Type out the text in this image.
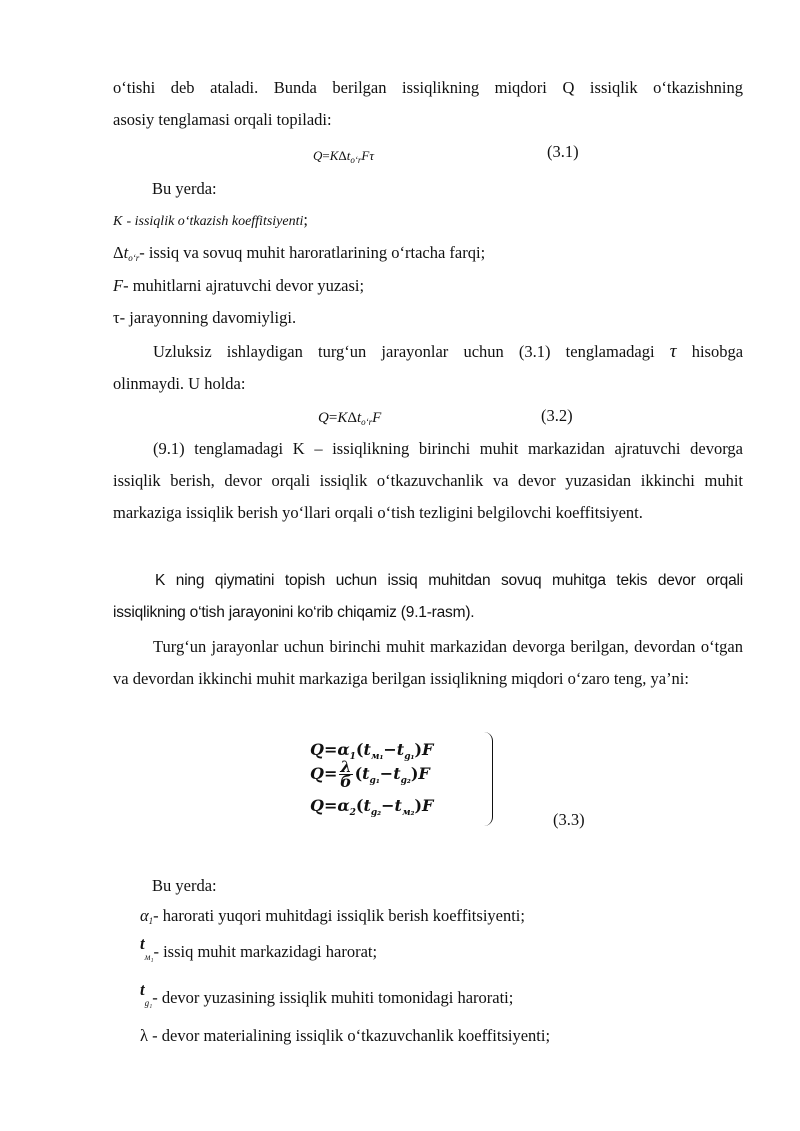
o‘tishi deb ataladi. Bunda berilgan issiqlikning miqdori Q issiqlik o‘tkazishning
asosiy tenglamasi orqali topiladi:
Q=KΔt$_{o‘r}$Fτ	(3.1)
Bu yerda:
K - issiqlik o‘tkazish koeffitsiyenti;
$\Delta t_{o‘r}-$ issiq va sovuq muhit haroratlarining o‘rtacha farqi;
F- muhitlarni ajratuvchi devor yuzasi;
τ- jarayonning davomiyligi.
Uzluksiz ishlaydigan turg‘un jarayonlar uchun (3.1) tenglamadagi τ hisobga
olinmaydi. U holda:
Q=KΔt$_{o‘r}$F	(3.2)
(9.1) tenglamadagi K – issiqlikning birinchi muhit markazidan ajratuvchi devorga issiqlik berish, devor orqali issiqlik o‘tkazuvchanlik va devor yuzasidan ikkinchi muhit markaziga issiqlik berish yo‘llari orqali o‘tish tezligini belgilovchi koeffitsiyent.
K ning qiymatini topish uchun issiq muhitdan sovuq muhitga tekis devor orqali issiqlikning o‘tish jarayonini ko‘rib chiqamiz (9.1-rasm).
Turg‘un jarayonlar uchun birinchi muhit markazidan devorga berilgan, devordan o‘tgan va devordan ikkinchi muhit markaziga berilgan issiqlikning miqdori o‘zaro teng, ya’ni:
$Q=\alpha_1(t_{м_1}-t_{g_1})F$
$Q= \frac{\lambda}{б} (t_{g_1}-t_{g_2})F$
$Q=\alpha_2(t_{g_2}-t_{м_2})F$
(3.3)
Bu yerda:
$\alpha_1-$ harorati yuqori muhitdagi issiqlik berish koeffitsiyenti;
$t_{м_1}-$ issiq muhit markazidagi harorat;
$t_{g_1}-$ devor yuzasining issiqlik muhiti tomonidagi harorati;
λ - devor materialining issiqlik o‘tkazuvchanlik koeffitsiyenti;
